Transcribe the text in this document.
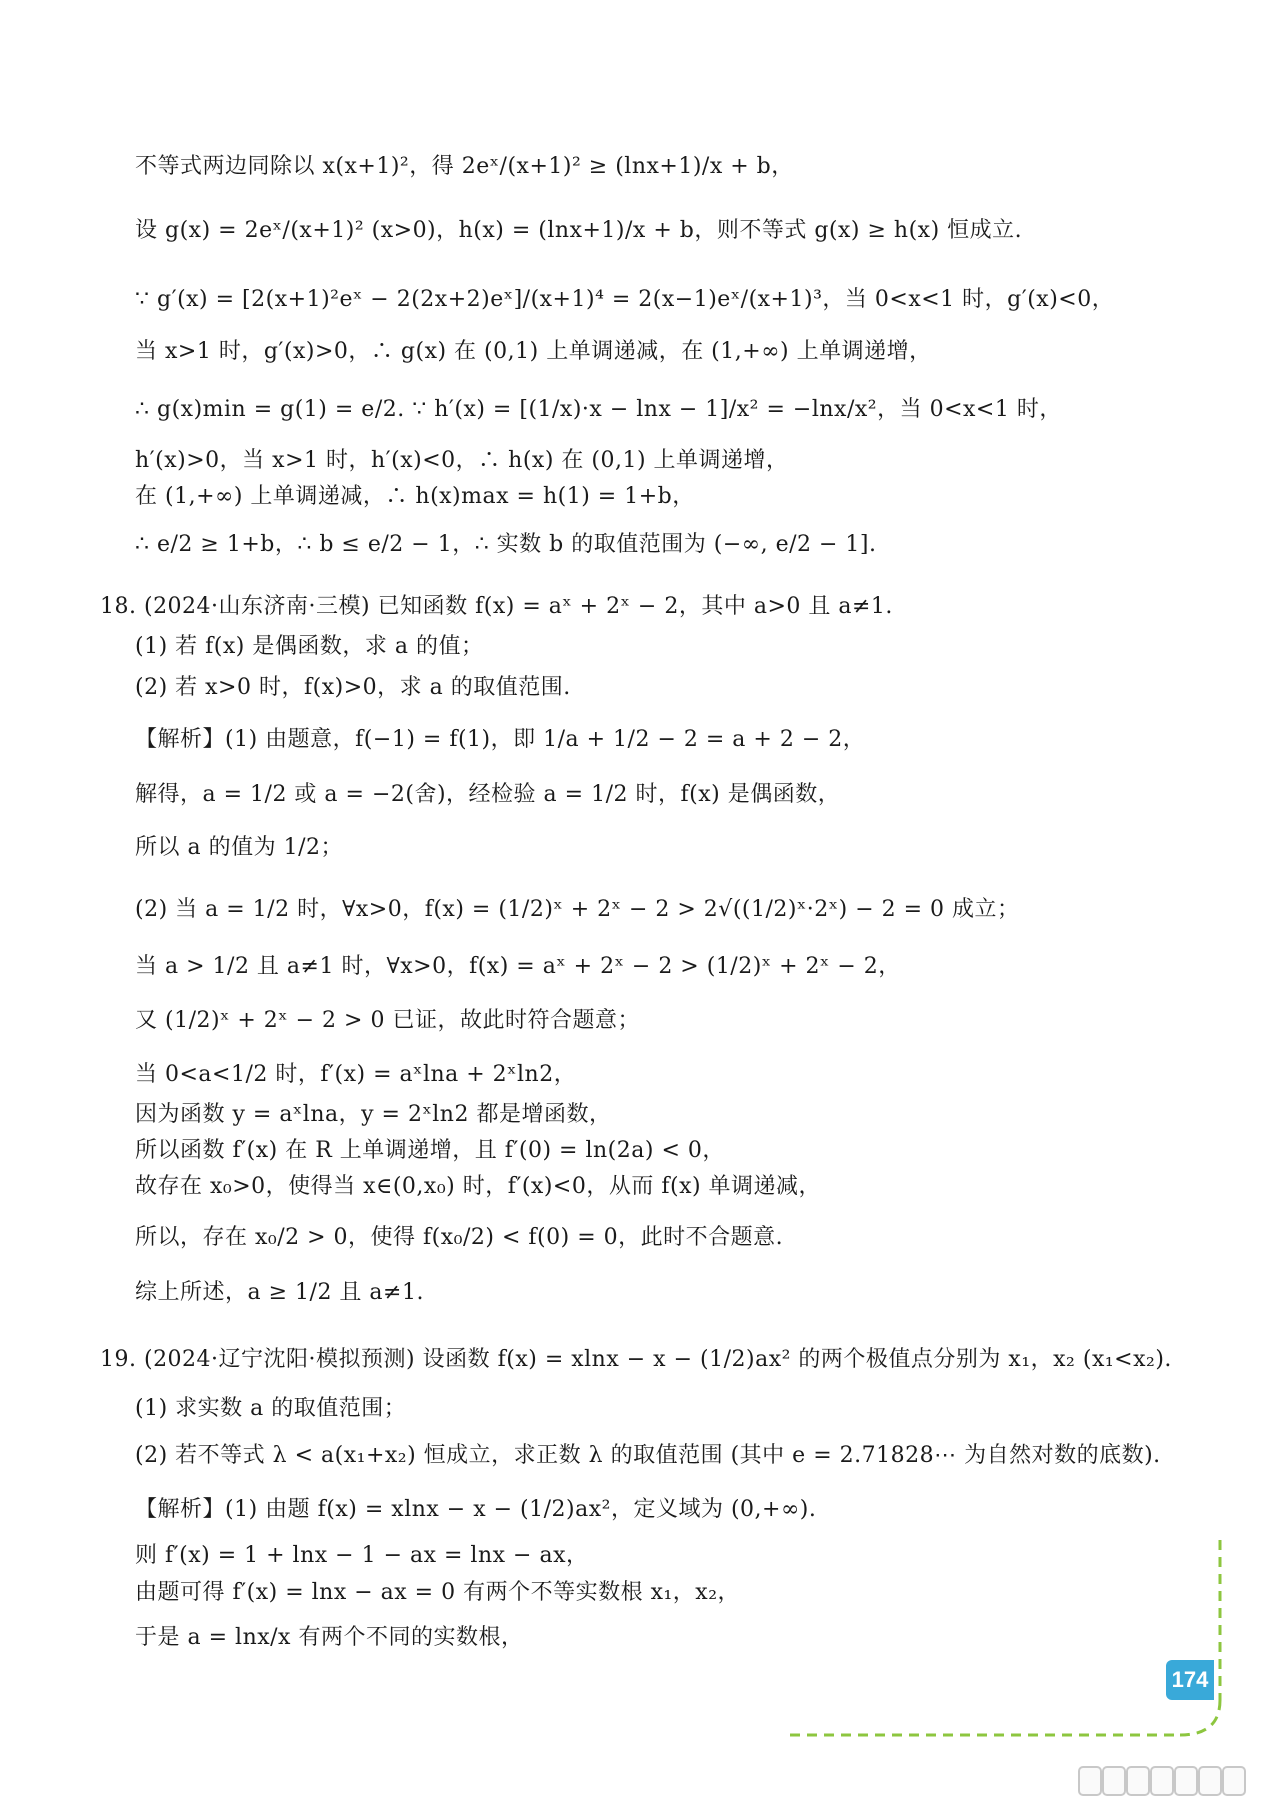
174
不等式两边同除以 x(x+1)²，得 2eˣ/(x+1)² ≥ (lnx+1)/x + b，
设 g(x) = 2eˣ/(x+1)² (x>0)，h(x) = (lnx+1)/x + b，则不等式 g(x) ≥ h(x) 恒成立.
∵ g′(x) = [2(x+1)²eˣ − 2(2x+2)eˣ]/(x+1)⁴ = 2(x−1)eˣ/(x+1)³，当 0<x<1 时，g′(x)<0，
当 x>1 时，g′(x)>0，∴ g(x) 在 (0,1) 上单调递减，在 (1,+∞) 上单调递增，
∴ g(x)min = g(1) = e/2. ∵ h′(x) = [(1/x)·x − lnx − 1]/x² = −lnx/x²，当 0<x<1 时，
h′(x)>0，当 x>1 时，h′(x)<0，∴ h(x) 在 (0,1) 上单调递增，
在 (1,+∞) 上单调递减，∴ h(x)max = h(1) = 1+b，
∴ e/2 ≥ 1+b，∴ b ≤ e/2 − 1，∴ 实数 b 的取值范围为 (−∞, e/2 − 1].
18. (2024·山东济南·三模) 已知函数 f(x) = aˣ + 2ˣ − 2，其中 a>0 且 a≠1.
(1) 若 f(x) 是偶函数，求 a 的值；
(2) 若 x>0 时，f(x)>0，求 a 的取值范围.
【解析】(1) 由题意，f(−1) = f(1)，即 1/a + 1/2 − 2 = a + 2 − 2，
解得，a = 1/2 或 a = −2(舍)，经检验 a = 1/2 时，f(x) 是偶函数，
所以 a 的值为 1/2；
(2) 当 a = 1/2 时，∀x>0，f(x) = (1/2)ˣ + 2ˣ − 2 > 2√((1/2)ˣ·2ˣ) − 2 = 0 成立；
当 a > 1/2 且 a≠1 时，∀x>0，f(x) = aˣ + 2ˣ − 2 > (1/2)ˣ + 2ˣ − 2，
又 (1/2)ˣ + 2ˣ − 2 > 0 已证，故此时符合题意；
当 0<a<1/2 时，f′(x) = aˣlna + 2ˣln2，
因为函数 y = aˣlna，y = 2ˣln2 都是增函数，
所以函数 f′(x) 在 R 上单调递增，且 f′(0) = ln(2a) < 0，
故存在 x₀>0，使得当 x∈(0,x₀) 时，f′(x)<0，从而 f(x) 单调递减，
所以，存在 x₀/2 > 0，使得 f(x₀/2) < f(0) = 0，此时不合题意.
综上所述，a ≥ 1/2 且 a≠1.
19. (2024·辽宁沈阳·模拟预测) 设函数 f(x) = xlnx − x − (1/2)ax² 的两个极值点分别为 x₁，x₂ (x₁<x₂).
(1) 求实数 a 的取值范围；
(2) 若不等式 λ < a(x₁+x₂) 恒成立，求正数 λ 的取值范围 (其中 e = 2.71828⋯ 为自然对数的底数).
【解析】(1) 由题 f(x) = xlnx − x − (1/2)ax²，定义域为 (0,+∞).
则 f′(x) = 1 + lnx − 1 − ax = lnx − ax，
由题可得 f′(x) = lnx − ax = 0 有两个不等实数根 x₁，x₂，
于是 a = lnx/x 有两个不同的实数根，
